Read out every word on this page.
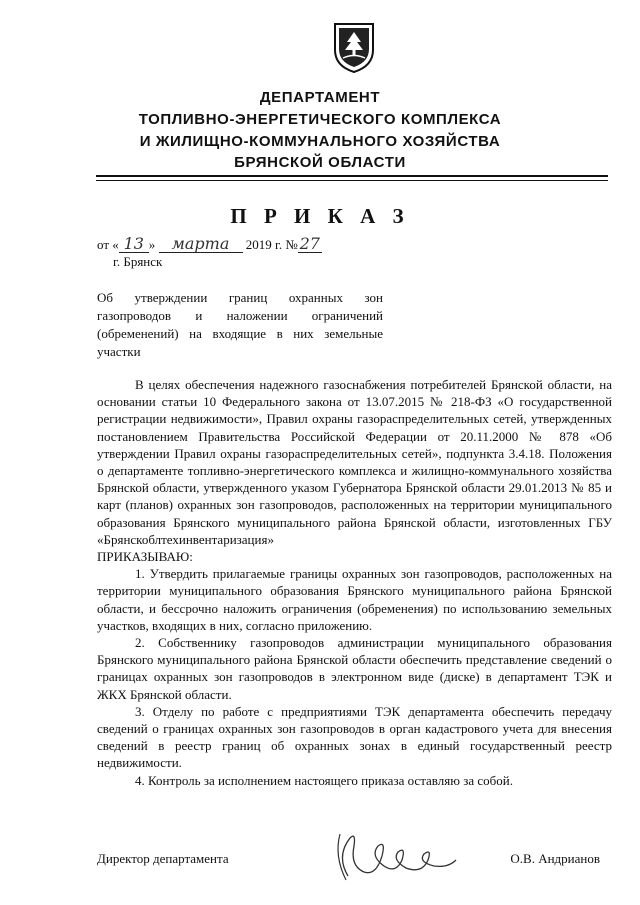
ДЕПАРТАМЕНТ
ТОПЛИВНО-ЭНЕРГЕТИЧЕСКОГО КОМПЛЕКСА
И ЖИЛИЩНО-КОММУНАЛЬНОГО ХОЗЯЙСТВА
БРЯНСКОЙ ОБЛАСТИ
П Р И К А З
от « 13 » марта 2019 г. № 27
г. Брянск
Об утверждении границ охранных зон газопроводов и наложении ограничений (обременений) на входящие в них земельные участки

В целях обеспечения надежного газоснабжения потребителей Брянской области, на основании статьи 10 Федерального закона от 13.07.2015 № 218-ФЗ «О государственной регистрации недвижимости», Правил охраны газораспределительных сетей, утвержденных постановлением Правительства Российской Федерации от 20.11.2000 № 878 «Об утверждении Правил охраны газораспределительных сетей», подпункта 3.4.18. Положения о департаменте топливно-энергетического комплекса и жилищно-коммунального хозяйства Брянской области, утвержденного указом Губернатора Брянской области 29.01.2013 № 85 и карт (планов) охранных зон газопроводов, расположенных на территории муниципального образования Брянского муниципального района Брянской области, изготовленных ГБУ «Брянскоблтехинвентаризация»

ПРИКАЗЫВАЮ:

1. Утвердить прилагаемые границы охранных зон газопроводов, расположенных на территории муниципального образования Брянского муниципального района Брянской области, и бессрочно наложить ограничения (обременения) по использованию земельных участков, входящих в них, согласно приложению.

2. Собственнику газопроводов администрации муниципального образования Брянского муниципального района Брянской области обеспечить представление сведений о границах охранных зон газопроводов в электронном виде (диске) в департамент ТЭК и ЖКХ Брянской области.

3. Отделу по работе с предприятиями ТЭК департамента обеспечить передачу сведений о границах охранных зон газопроводов в орган кадастрового учета для внесения сведений в реестр границ об охранных зонах в единый государственный реестр недвижимости.

4. Контроль за исполнением настоящего приказа оставляю за собой.

Директор департамента	О.В. Андрианов
